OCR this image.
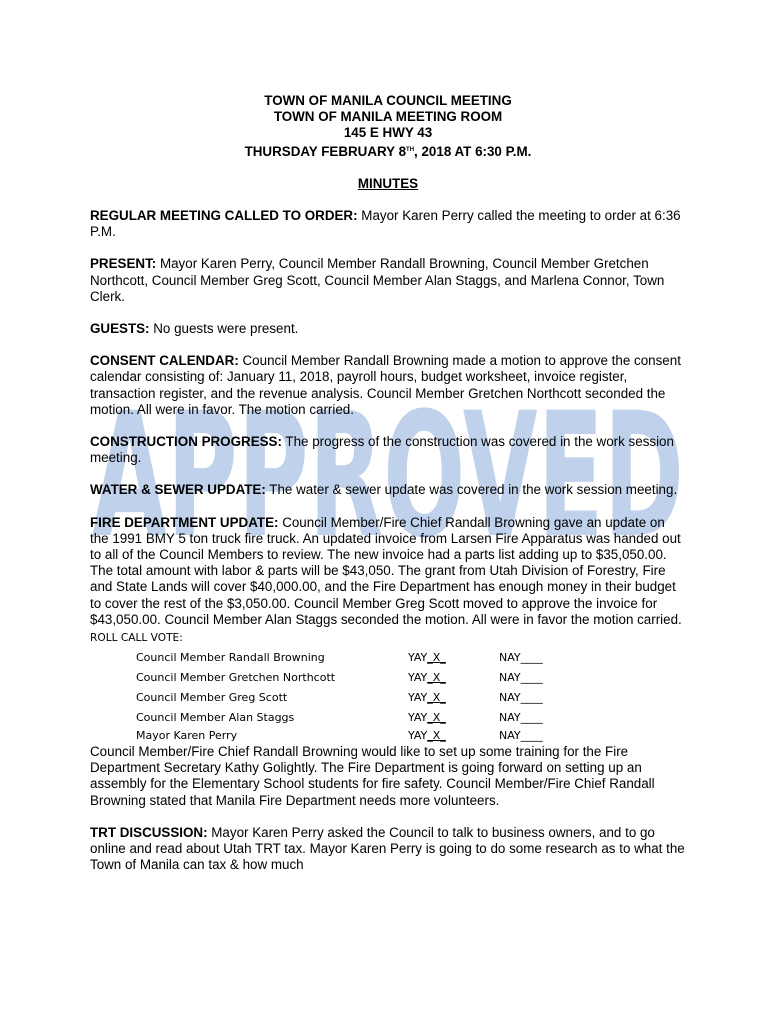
APPROVED
TOWN OF MANILA COUNCIL MEETING
TOWN OF MANILA MEETING ROOM
145 E HWY 43
THURSDAY FEBRUARY 8TH, 2018 AT 6:30 P.M.
MINUTES

REGULAR MEETING CALLED TO ORDER: Mayor Karen Perry called the meeting to order at 6:36 P.M.

PRESENT: Mayor Karen Perry, Council Member Randall Browning, Council Member Gretchen Northcott, Council Member Greg Scott, Council Member Alan Staggs, and Marlena Connor, Town Clerk.

GUESTS: No guests were present.

CONSENT CALENDAR: Council Member Randall Browning made a motion to approve the consent calendar consisting of: January 11, 2018, payroll hours, budget worksheet, invoice register, transaction register, and the revenue analysis. Council Member Gretchen Northcott seconded the motion. All were in favor. The motion carried.

CONSTRUCTION PROGRESS: The progress of the construction was covered in the work session meeting.

WATER & SEWER UPDATE: The water & sewer update was covered in the work session meeting.

FIRE DEPARTMENT UPDATE: Council Member/Fire Chief Randall Browning gave an update on the 1991 BMY 5 ton truck fire truck. An updated invoice from Larsen Fire Apparatus was handed out to all of the Council Members to review. The new invoice had a parts list adding up to $35,050.00. The total amount with labor & parts will be $43,050. The grant from Utah Division of Forestry, Fire and State Lands will cover $40,000.00, and the Fire Department has enough money in their budget to cover the rest of the $3,050.00. Council Member Greg Scott moved to approve the invoice for $43,050.00. Council Member Alan Staggs seconded the motion. All were in favor the motion carried.

ROLL CALL VOTE:
Council Member Randall Browning	YAY_X_	NAY____
Council Member Gretchen Northcott	YAY_X_	NAY____
Council Member Greg Scott	YAY_X_	NAY____
Council Member Alan Staggs	YAY_X_	NAY____
Mayor Karen Perry	YAY_X_	NAY____

Council Member/Fire Chief Randall Browning would like to set up some training for the Fire Department Secretary Kathy Golightly. The Fire Department is going forward on setting up an assembly for the Elementary School students for fire safety. Council Member/Fire Chief Randall Browning stated that Manila Fire Department needs more volunteers.

TRT DISCUSSION: Mayor Karen Perry asked the Council to talk to business owners, and to go online and read about Utah TRT tax. Mayor Karen Perry is going to do some research as to what the Town of Manila can tax & how much
